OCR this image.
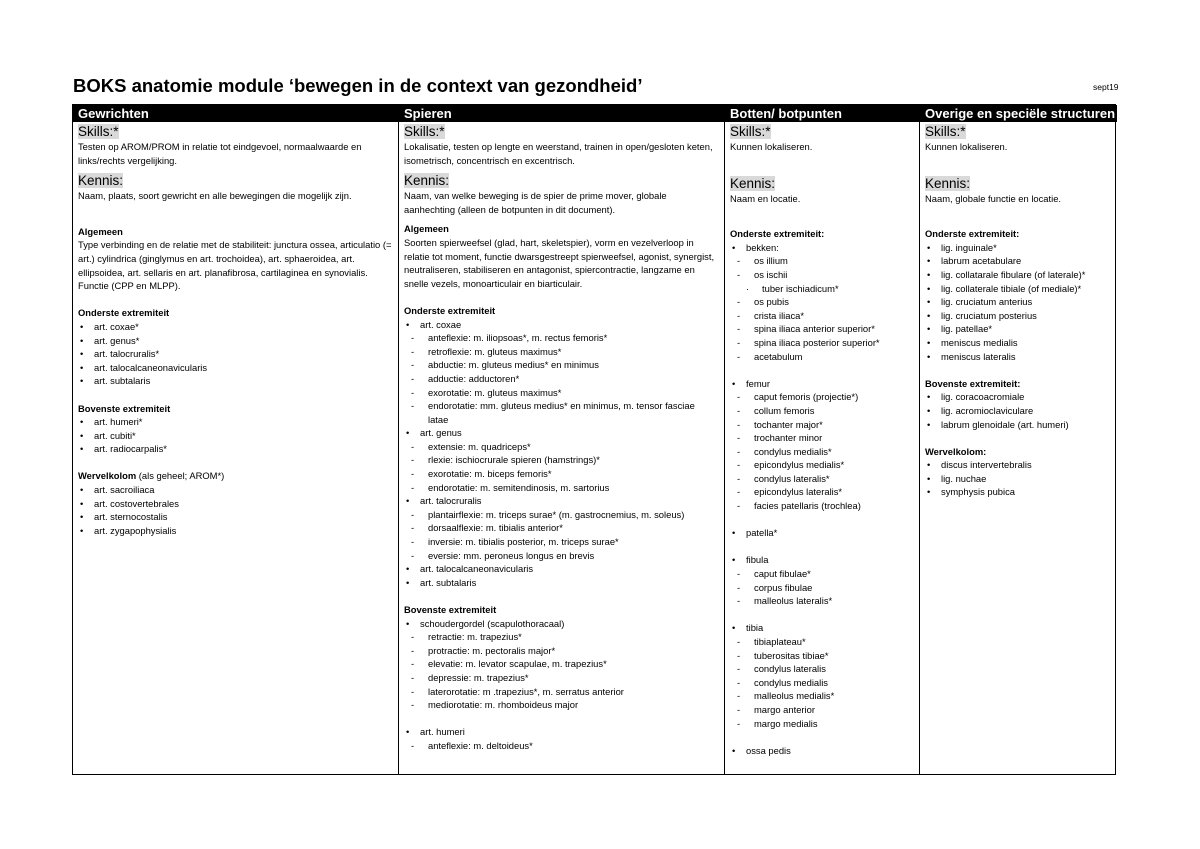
BOKS anatomie module ‘bewegen in de context van gezondheid’	sept19
Gewrichten
Skills:*
Testen op AROM/PROM in relatie tot eindgevoel, normaalwaarde en links/rechts vergelijking.
Kennis:
Naam, plaats, soort gewricht en alle bewegingen die mogelijk zijn.
Algemeen
Type verbinding en de relatie met de stabiliteit: junctura ossea, articulatio (= art.) cylindrica (ginglymus en art. trochoidea), art. sphaeroidea, art. ellipsoidea, art. sellaris en art. planafibrosa, cartilaginea en synovialis.
Functie (CPP en MLPP).
Onderste extremiteit
• art. coxae*
• art. genus*
• art. talocruralis*
• art. talocalcaneonavicularis
• art. subtalaris
Bovenste extremiteit
• art. humeri*
• art. cubiti*
• art. radiocarpalis*
Wervelkolom (als geheel; AROM*)
• art. sacroiliaca
• art. costovertebrales
• art. sternocostalis
• art. zygapophysialis
Spieren
Skills:*
Lokalisatie, testen op lengte en weerstand, trainen in open/gesloten keten, isometrisch, concentrisch en excentrisch.
Kennis:
Naam, van welke beweging is de spier de prime mover, globale aanhechting (alleen de botpunten in dit document).
Algemeen
Soorten spierweefsel (glad, hart, skeletspier), vorm en vezelverloop in relatie tot moment, functie dwarsgestreept spierweefsel, agonist, synergist, neutraliseren, stabiliseren en antagonist, spiercontractie, langzame en snelle vezels, monoarticulair en biarticulair.
Onderste extremiteit
• art. coxae
- anteflexie: m. iliopsoas*, m. rectus femoris*
- retroflexie: m. gluteus maximus*
- abductie: m. gluteus medius* en minimus
- adductie: adductoren*
- exorotatie: m. gluteus maximus*
- endorotatie: mm. gluteus medius* en minimus, m. tensor fasciae latae
• art. genus
- extensie: m. quadriceps*
- rlexie: ischiocrurale spieren (hamstrings)*
- exorotatie: m. biceps femoris*
- endorotatie: m. semitendinosis, m. sartorius
• art. talocruralis
- plantairflexie: m. triceps surae* (m. gastrocnemius, m. soleus)
- dorsaalflexie: m. tibialis anterior*
- inversie: m. tibialis posterior, m. triceps surae*
- eversie: mm. peroneus longus en brevis
• art. talocalcaneonavicularis
• art. subtalaris
Bovenste extremiteit
• schoudergordel (scapulothoracaal)
- retractie: m. trapezius*
- protractie: m. pectoralis major*
- elevatie: m. levator scapulae, m. trapezius*
- depressie: m. trapezius*
- laterorotatie: m .trapezius*, m. serratus anterior
- mediorotatie: m. rhomboideus major
• art. humeri
- anteflexie: m. deltoideus*
Botten/ botpunten
Skills:*
Kunnen lokaliseren.
Kennis:
Naam en locatie.
Onderste extremiteit:
• bekken:
- os illium
- os ischii
· tuber ischiadicum*
- os pubis
- crista iliaca*
- spina iliaca anterior superior*
- spina iliaca posterior superior*
- acetabulum
• femur
- caput femoris (projectie*)
- collum femoris
- tochanter major*
- trochanter minor
- condylus medialis*
- epicondylus medialis*
- condylus lateralis*
- epicondylus lateralis*
- facies patellaris (trochlea)
• patella*
• fibula
- caput fibulae*
- corpus fibulae
- malleolus lateralis*
• tibia
- tibiaplateau*
- tuberositas tibiae*
- condylus lateralis
- condylus medialis
- malleolus medialis*
- margo anterior
- margo medialis
• ossa pedis
Overige en speciële structuren
Skills:*
Kunnen lokaliseren.
Kennis:
Naam, globale functie en locatie.
Onderste extremiteit:
• lig. inguinale*
• labrum acetabulare
• lig. collatarale fibulare (of laterale)*
• lig. collaterale tibiale (of mediale)*
• lig. cruciatum anterius
• lig. cruciatum posterius
• lig. patellae*
• meniscus medialis
• meniscus lateralis
Bovenste extremiteit:
• lig. coracoacromiale
• lig. acromioclaviculare
• labrum glenoidale (art. humeri)
Wervelkolom:
• discus intervertebralis
• lig. nuchae
• symphysis pubica
